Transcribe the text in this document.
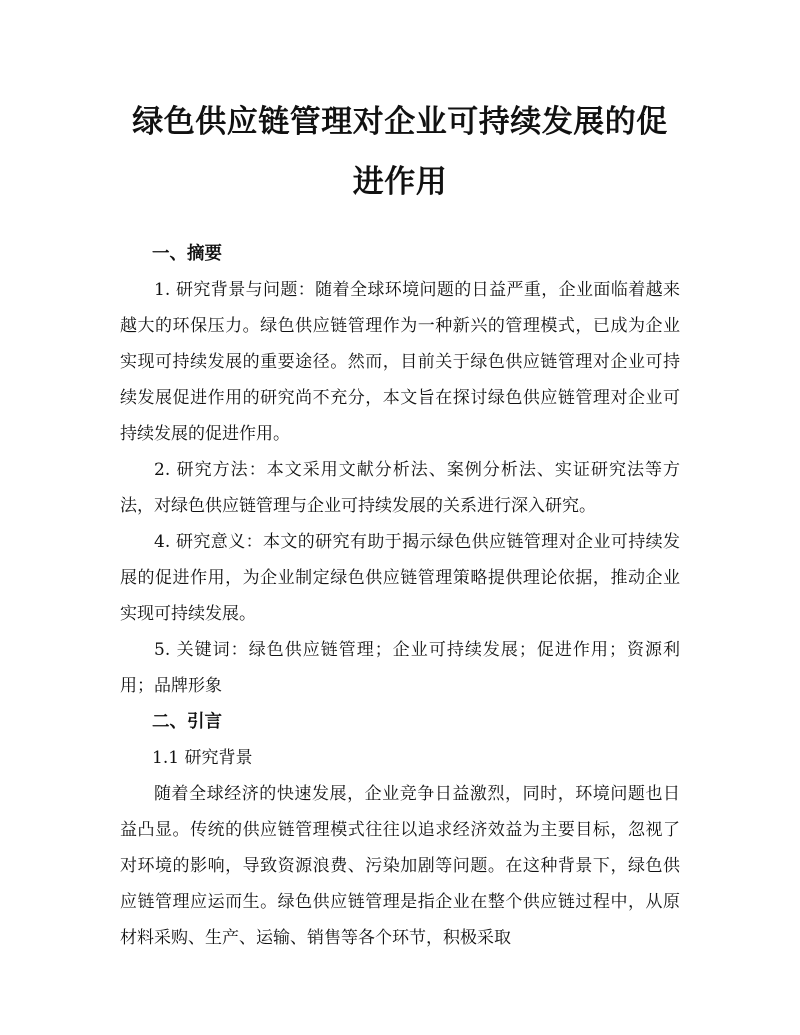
绿色供应链管理对企业可持续发展的促进作用
一、摘要

1. 研究背景与问题：随着全球环境问题的日益严重，企业面临着越来越大的环保压力。绿色供应链管理作为一种新兴的管理模式，已成为企业实现可持续发展的重要途径。然而，目前关于绿色供应链管理对企业可持续发展促进作用的研究尚不充分，本文旨在探讨绿色供应链管理对企业可持续发展的促进作用。

2. 研究方法：本文采用文献分析法、案例分析法、实证研究法等方法，对绿色供应链管理与企业可持续发展的关系进行深入研究。

4. 研究意义：本文的研究有助于揭示绿色供应链管理对企业可持续发展的促进作用，为企业制定绿色供应链管理策略提供理论依据，推动企业实现可持续发展。

5. 关键词：绿色供应链管理；企业可持续发展；促进作用；资源利用；品牌形象

二、引言
1.1 研究背景

随着全球经济的快速发展，企业竞争日益激烈，同时，环境问题也日益凸显。传统的供应链管理模式往往以追求经济效益为主要目标，忽视了对环境的影响，导致资源浪费、污染加剧等问题。在这种背景下，绿色供应链管理应运而生。绿色供应链管理是指企业在整个供应链过程中，从原材料采购、生产、运输、销售等各个环节，积极采取
